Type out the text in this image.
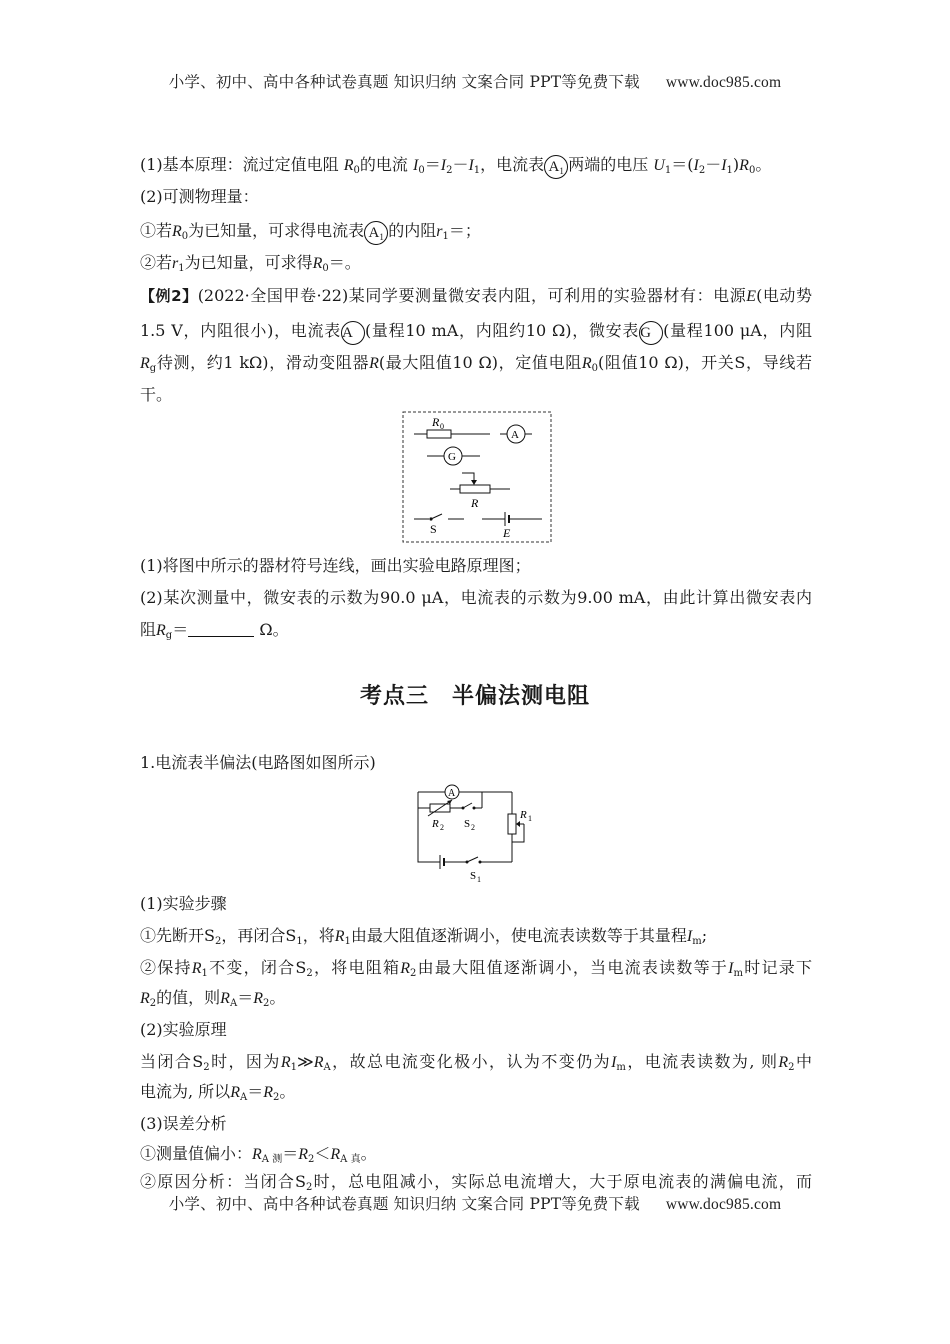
小学、初中、高中各种试卷真题 知识归纳 文案合同 PPT等免费下载 www.doc985.com
(1)基本原理：流过定值电阻 $R_0$的电流 $I_0=I_2-I_1$，电流表 $A_1$ 两端的电压 $U_1=(I_2-I_1)R_0$。
(2)可测物理量：
①若$R_0$为已知量，可求得电流表 $A_1$ 的内阻$r_1=$；
②若$r_1$为已知量，可求得$R_0=$。
【例2】(2022·全国甲卷·22)某同学要测量微安表内阻，可利用的实验器材有：电源E(电动势
1.5 V，内阻很小)，电流表A (量程10 mA，内阻约10 Ω)，微安表G (量程100 μA，内阻
$R_g$待测，约1 kΩ)，滑动变阻器R(最大阻值10 Ω)，定值电阻$R_0$(阻值10 Ω)，开关S，导线若
干。
R 0
A
G
R
S	E
(1)将图中所示的器材符号连线，画出实验电路原理图；
(2)某次测量中，微安表的示数为90.0 μA，电流表的示数为9.00 mA，由此计算出微安表内
阻$R_g=$	Ω。
考点三　半偏法测电阻
1.电流表半偏法(电路图如图所示)
A
R 2 S 2
R 1
S 1
(1)实验步骤
①先断开$S_2$，再闭合$S_1$，将$R_1$由最大阻值逐渐调小，使电流表读数等于其量程$I_m$;
②保持$R_1$不变，闭合$S_2$，将电阻箱$R_2$由最大阻值逐渐调小，当电流表读数等于$I_m$时记录下
$R_2$的值，则$R_A=R_2$。
(2)实验原理
当闭合$S_2$时，因为$R_1≫R_A$，故总电流变化极小，认为不变仍为$I_m$，电流表读数为, 则$R_2$中
电流为, 所以$R_A=R_2$。
(3)误差分析
①测量值偏小：$R_{A 测}=R_2<R_{A 真}$。
②原因分析：当闭合$S_2$时，总电阻减小，实际总电流增大，大于原电流表的满偏电流，而
小学、初中、高中各种试卷真题 知识归纳 文案合同 PPT等免费下载 www.doc985.com
